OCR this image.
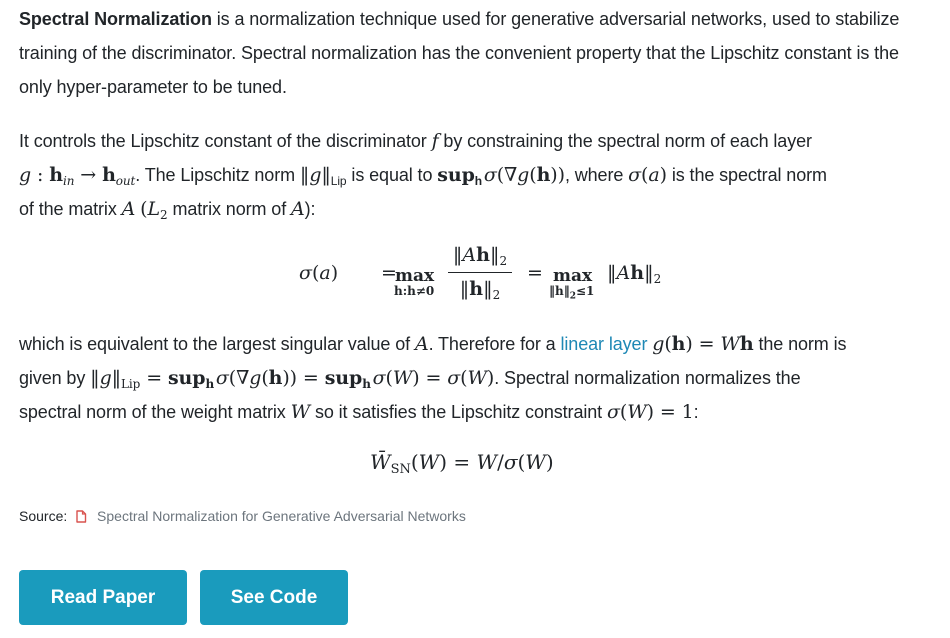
Spectral Normalization is a normalization technique used for generative adversarial networks, used to stabilize training of the discriminator. Spectral normalization has the convenient property that the Lipschitz constant is the only hyper-parameter to be tuned.

It controls the Lipschitz constant of the discriminator f by constraining the spectral norm of each layer
g : $h_{in} \to h_{out}$. The Lipschitz norm $‖g‖_{Lip}$ is equal to sup$_h$ σ(∇g(h)), where σ(a) is the spectral norm
of the matrix A ($L_2$ matrix norm of A):

σ(a) =
max
h:h≠0
$‖Ah‖_2$
$‖h‖_2$
= max
$‖h‖_2\le 1$
$‖Ah‖_2$

which is equivalent to the largest singular value of A. Therefore for a linear layer g(h) = Wh the norm is
given by $‖g‖_{Lip} = sup_h$ σ(∇g(h)) = sup$_h$ σ(W) = σ(W). Spectral normalization normalizes the
spectral norm of the weight matrix W so it satisfies the Lipschitz constraint σ(W) = 1:

$W̄_{SN}(W) = W/\sigma(W)$
Source: Spectral Normalization for Generative Adversarial Networks
Read Paper	See Code
